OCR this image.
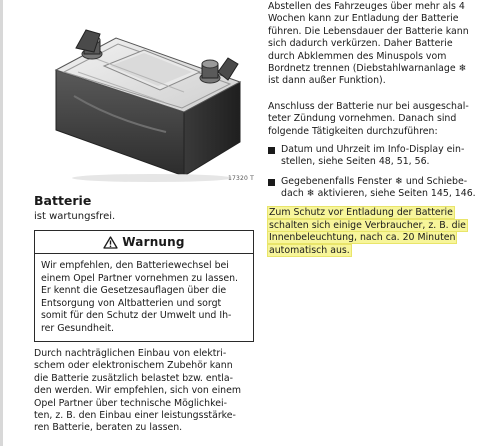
17320 T
Batterie
ist wartungsfrei.
Warnung
Wir empfehlen, den Batteriewechsel bei
einem Opel Partner vornehmen zu lassen.
Er kennt die Gesetzesauflagen über die
Entsorgung von Altbatterien und sorgt
somit für den Schutz der Umwelt und Ih-
rer Gesundheit.
Durch nachträglichen Einbau von elektri-
schem oder elektronischem Zubehör kann
die Batterie zusätzlich belastet bzw. entla-
den werden. Wir empfehlen, sich von einem
Opel Partner über technische Möglichkei-
ten, z. B. den Einbau einer leistungsstärke-
ren Batterie, beraten zu lassen.
Abstellen des Fahrzeuges über mehr als 4
Wochen kann zur Entladung der Batterie
führen. Die Lebensdauer der Batterie kann
sich dadurch verkürzen. Daher Batterie
durch Abklemmen des Minuspols vom
Bordnetz trennen (Diebstahlwarnanlage ❄
ist dann außer Funktion).
Anschluss der Batterie nur bei ausgeschal-
teter Zündung vornehmen. Danach sind
folgende Tätigkeiten durchzuführen:
Datum und Uhrzeit im Info-Display ein-
stellen, siehe Seiten 48, 51, 56.
Gegebenenfalls Fenster ❄ und Schiebe-
dach ❄ aktivieren, siehe Seiten 145, 146.
Zum Schutz vor Entladung der Batterie
schalten sich einige Verbraucher, z. B. die
Innenbeleuchtung, nach ca. 20 Minuten
automatisch aus.
